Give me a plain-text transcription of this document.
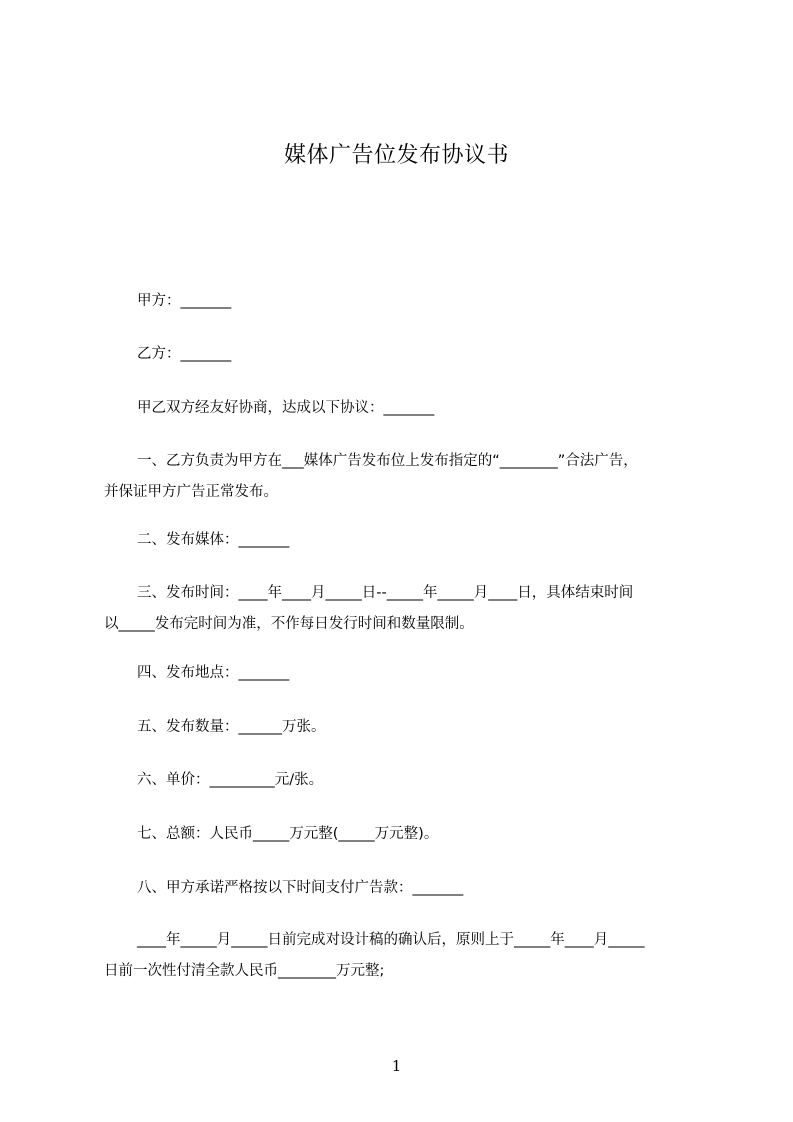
媒体广告位发布协议书
甲方：_______
乙方：_______
甲乙双方经友好协商，达成以下协议：_______
一、乙方负责为甲方在___媒体广告发布位上发布指定的“________”合法广告，
并保证甲方广告正常发布。
二、发布媒体：_______
三、发布时间：____年____月_____日--_____年_____月____日，具体结束时间
以_____发布完时间为准，不作每日发行时间和数量限制。
四、发布地点：_______
五、发布数量：______万张。
六、单价：_________元/张。
七、总额：人民币_____万元整(_____万元整)。
八、甲方承诺严格按以下时间支付广告款：_______
____年_____月_____日前完成对设计稿的确认后，原则上于_____年____月_____
日前一次性付清全款人民币________万元整;
1
